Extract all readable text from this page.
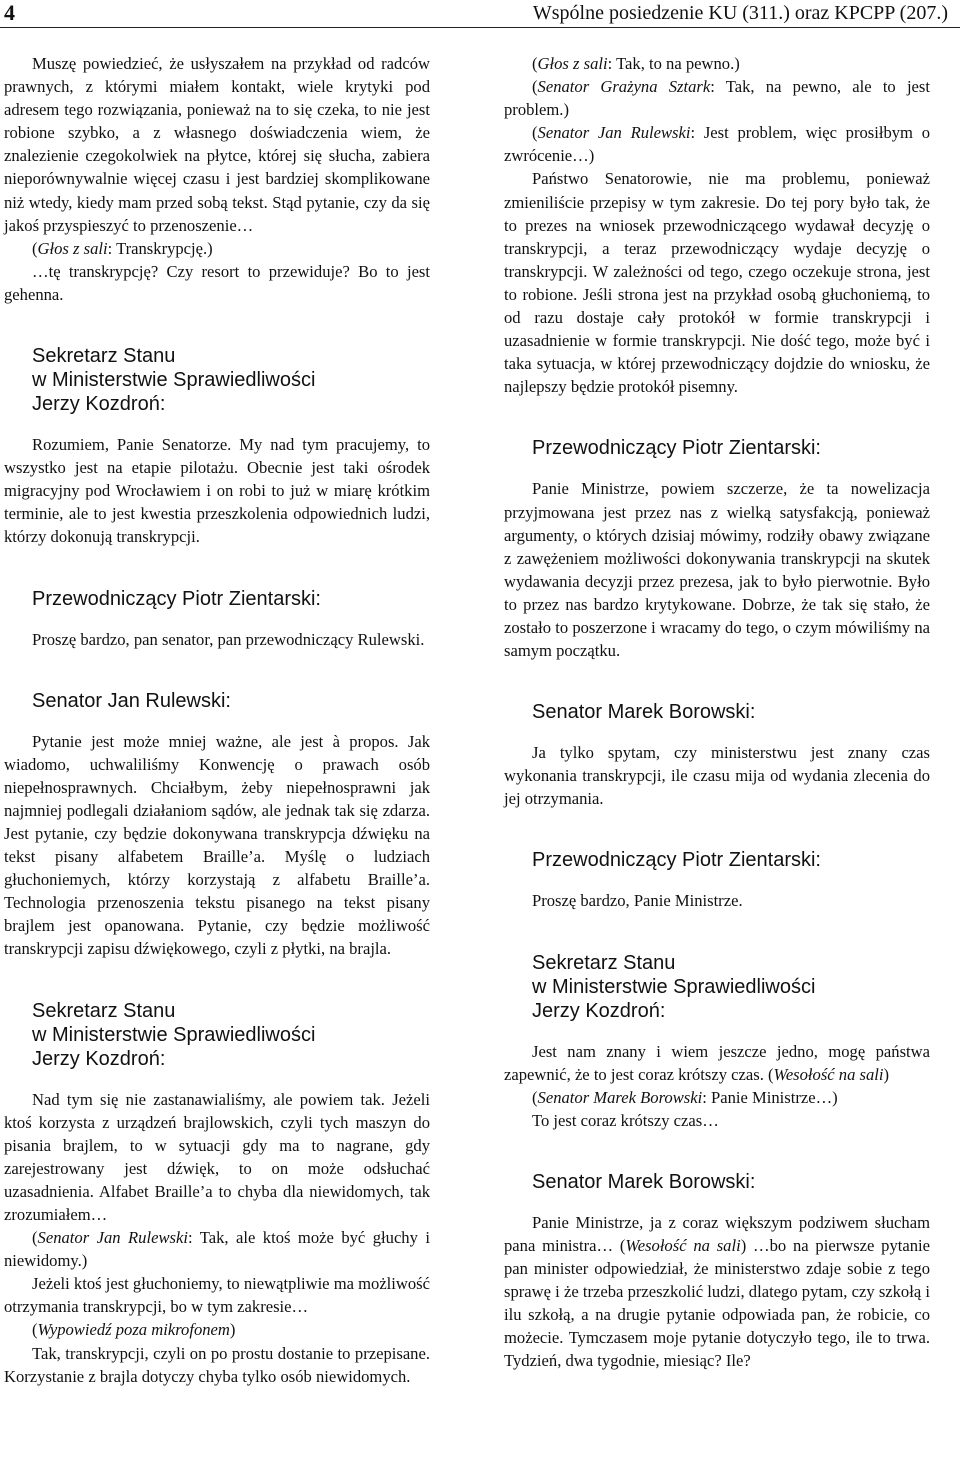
4	Wspólne posiedzenie KU (311.) oraz KPCPP (207.)

Muszę powiedzieć, że usłyszałem na przykład od radców prawnych, z którymi miałem kontakt, wiele krytyki pod adresem tego rozwiązania, ponieważ na to się czeka, to nie jest robione szybko, a z własnego doświadczenia wiem, że znalezienie czegokolwiek na płytce, której się słucha, zabiera nieporównywalnie więcej czasu i jest bardziej skomplikowane niż wtedy, kiedy mam przed sobą tekst. Stąd pytanie, czy da się jakoś przyspieszyć to przenoszenie…

(Głos z sali: Transkrypcję.)

…tę transkrypcję? Czy resort to przewiduje? Bo to jest gehenna.

Sekretarz Stanu
w Ministerstwie Sprawiedliwości
Jerzy Kozdroń:

Rozumiem, Panie Senatorze. My nad tym pracujemy, to wszystko jest na etapie pilotażu. Obecnie jest taki ośrodek migracyjny pod Wrocławiem i on robi to już w miarę krótkim terminie, ale to jest kwestia przeszkolenia odpowiednich ludzi, którzy dokonują transkrypcji.

Przewodniczący Piotr Zientarski:

Proszę bardzo, pan senator, pan przewodniczący Rulewski.

Senator Jan Rulewski:

Pytanie jest może mniej ważne, ale jest à propos. Jak wiadomo, uchwaliliśmy Konwencję o prawach osób niepełnosprawnych. Chciałbym, żeby niepełnosprawni jak najmniej podlegali działaniom sądów, ale jednak tak się zdarza. Jest pytanie, czy będzie dokonywana transkrypcja dźwięku na tekst pisany alfabetem Braille’a. Myślę o ludziach głuchoniemych, którzy korzystają z alfabetu Braille’a. Technologia przenoszenia tekstu pisanego na tekst pisany brajlem jest opanowana. Pytanie, czy będzie możliwość transkrypcji zapisu dźwiękowego, czyli z płytki, na brajla.

Sekretarz Stanu
w Ministerstwie Sprawiedliwości
Jerzy Kozdroń:

Nad tym się nie zastanawialiśmy, ale powiem tak. Jeżeli ktoś korzysta z urządzeń brajlowskich, czyli tych maszyn do pisania brajlem, to w sytuacji gdy ma to nagrane, gdy zarejestrowany jest dźwięk, to on może odsłuchać uzasadnienia. Alfabet Braille’a to chyba dla niewidomych, tak zrozumiałem…

(Senator Jan Rulewski: Tak, ale ktoś może być głuchy i niewidomy.)

Jeżeli ktoś jest głuchoniemy, to niewątpliwie ma możliwość otrzymania transkrypcji, bo w tym zakresie…

(Wypowiedź poza mikrofonem)

Tak, transkrypcji, czyli on po prostu dostanie to przepisane. Korzystanie z brajla dotyczy chyba tylko osób niewidomych.

(Głos z sali: Tak, to na pewno.)

(Senator Grażyna Sztark: Tak, na pewno, ale to jest problem.)

(Senator Jan Rulewski: Jest problem, więc prosiłbym o zwrócenie…)

Państwo Senatorowie, nie ma problemu, ponieważ zmieniliście przepisy w tym zakresie. Do tej pory było tak, że to prezes na wniosek przewodniczącego wydawał decyzję o transkrypcji, a teraz przewodniczący wydaje decyzję o transkrypcji. W zależności od tego, czego oczekuje strona, jest to robione. Jeśli strona jest na przykład osobą głuchoniemą, to od razu dostaje cały protokół w formie transkrypcji i uzasadnienie w formie transkrypcji. Nie dość tego, może być i taka sytuacja, w której przewodniczący dojdzie do wniosku, że najlepszy będzie protokół pisemny.

Przewodniczący Piotr Zientarski:

Panie Ministrze, powiem szczerze, że ta nowelizacja przyjmowana jest przez nas z wielką satysfakcją, ponieważ argumenty, o których dzisiaj mówimy, rodziły obawy związane z zawężeniem możliwości dokonywania transkrypcji na skutek wydawania decyzji przez prezesa, jak to było pierwotnie. Było to przez nas bardzo krytykowane. Dobrze, że tak się stało, że zostało to poszerzone i wracamy do tego, o czym mówiliśmy na samym początku.

Senator Marek Borowski:

Ja tylko spytam, czy ministerstwu jest znany czas wykonania transkrypcji, ile czasu mija od wydania zlecenia do jej otrzymania.

Przewodniczący Piotr Zientarski:

Proszę bardzo, Panie Ministrze.

Sekretarz Stanu
w Ministerstwie Sprawiedliwości
Jerzy Kozdroń:

Jest nam znany i wiem jeszcze jedno, mogę państwa zapewnić, że to jest coraz krótszy czas. (Wesołość na sali)

(Senator Marek Borowski: Panie Ministrze…)

To jest coraz krótszy czas…

Senator Marek Borowski:

Panie Ministrze, ja z coraz większym podziwem słucham pana ministra… (Wesołość na sali) …bo na pierwsze pytanie pan minister odpowiedział, że ministerstwo zdaje sobie z tego sprawę i że trzeba przeszkolić ludzi, dlatego pytam, czy szkołą i ilu szkołą, a na drugie pytanie odpowiada pan, że robicie, co możecie. Tymczasem moje pytanie dotyczyło tego, ile to trwa. Tydzień, dwa tygodnie, miesiąc? Ile?
